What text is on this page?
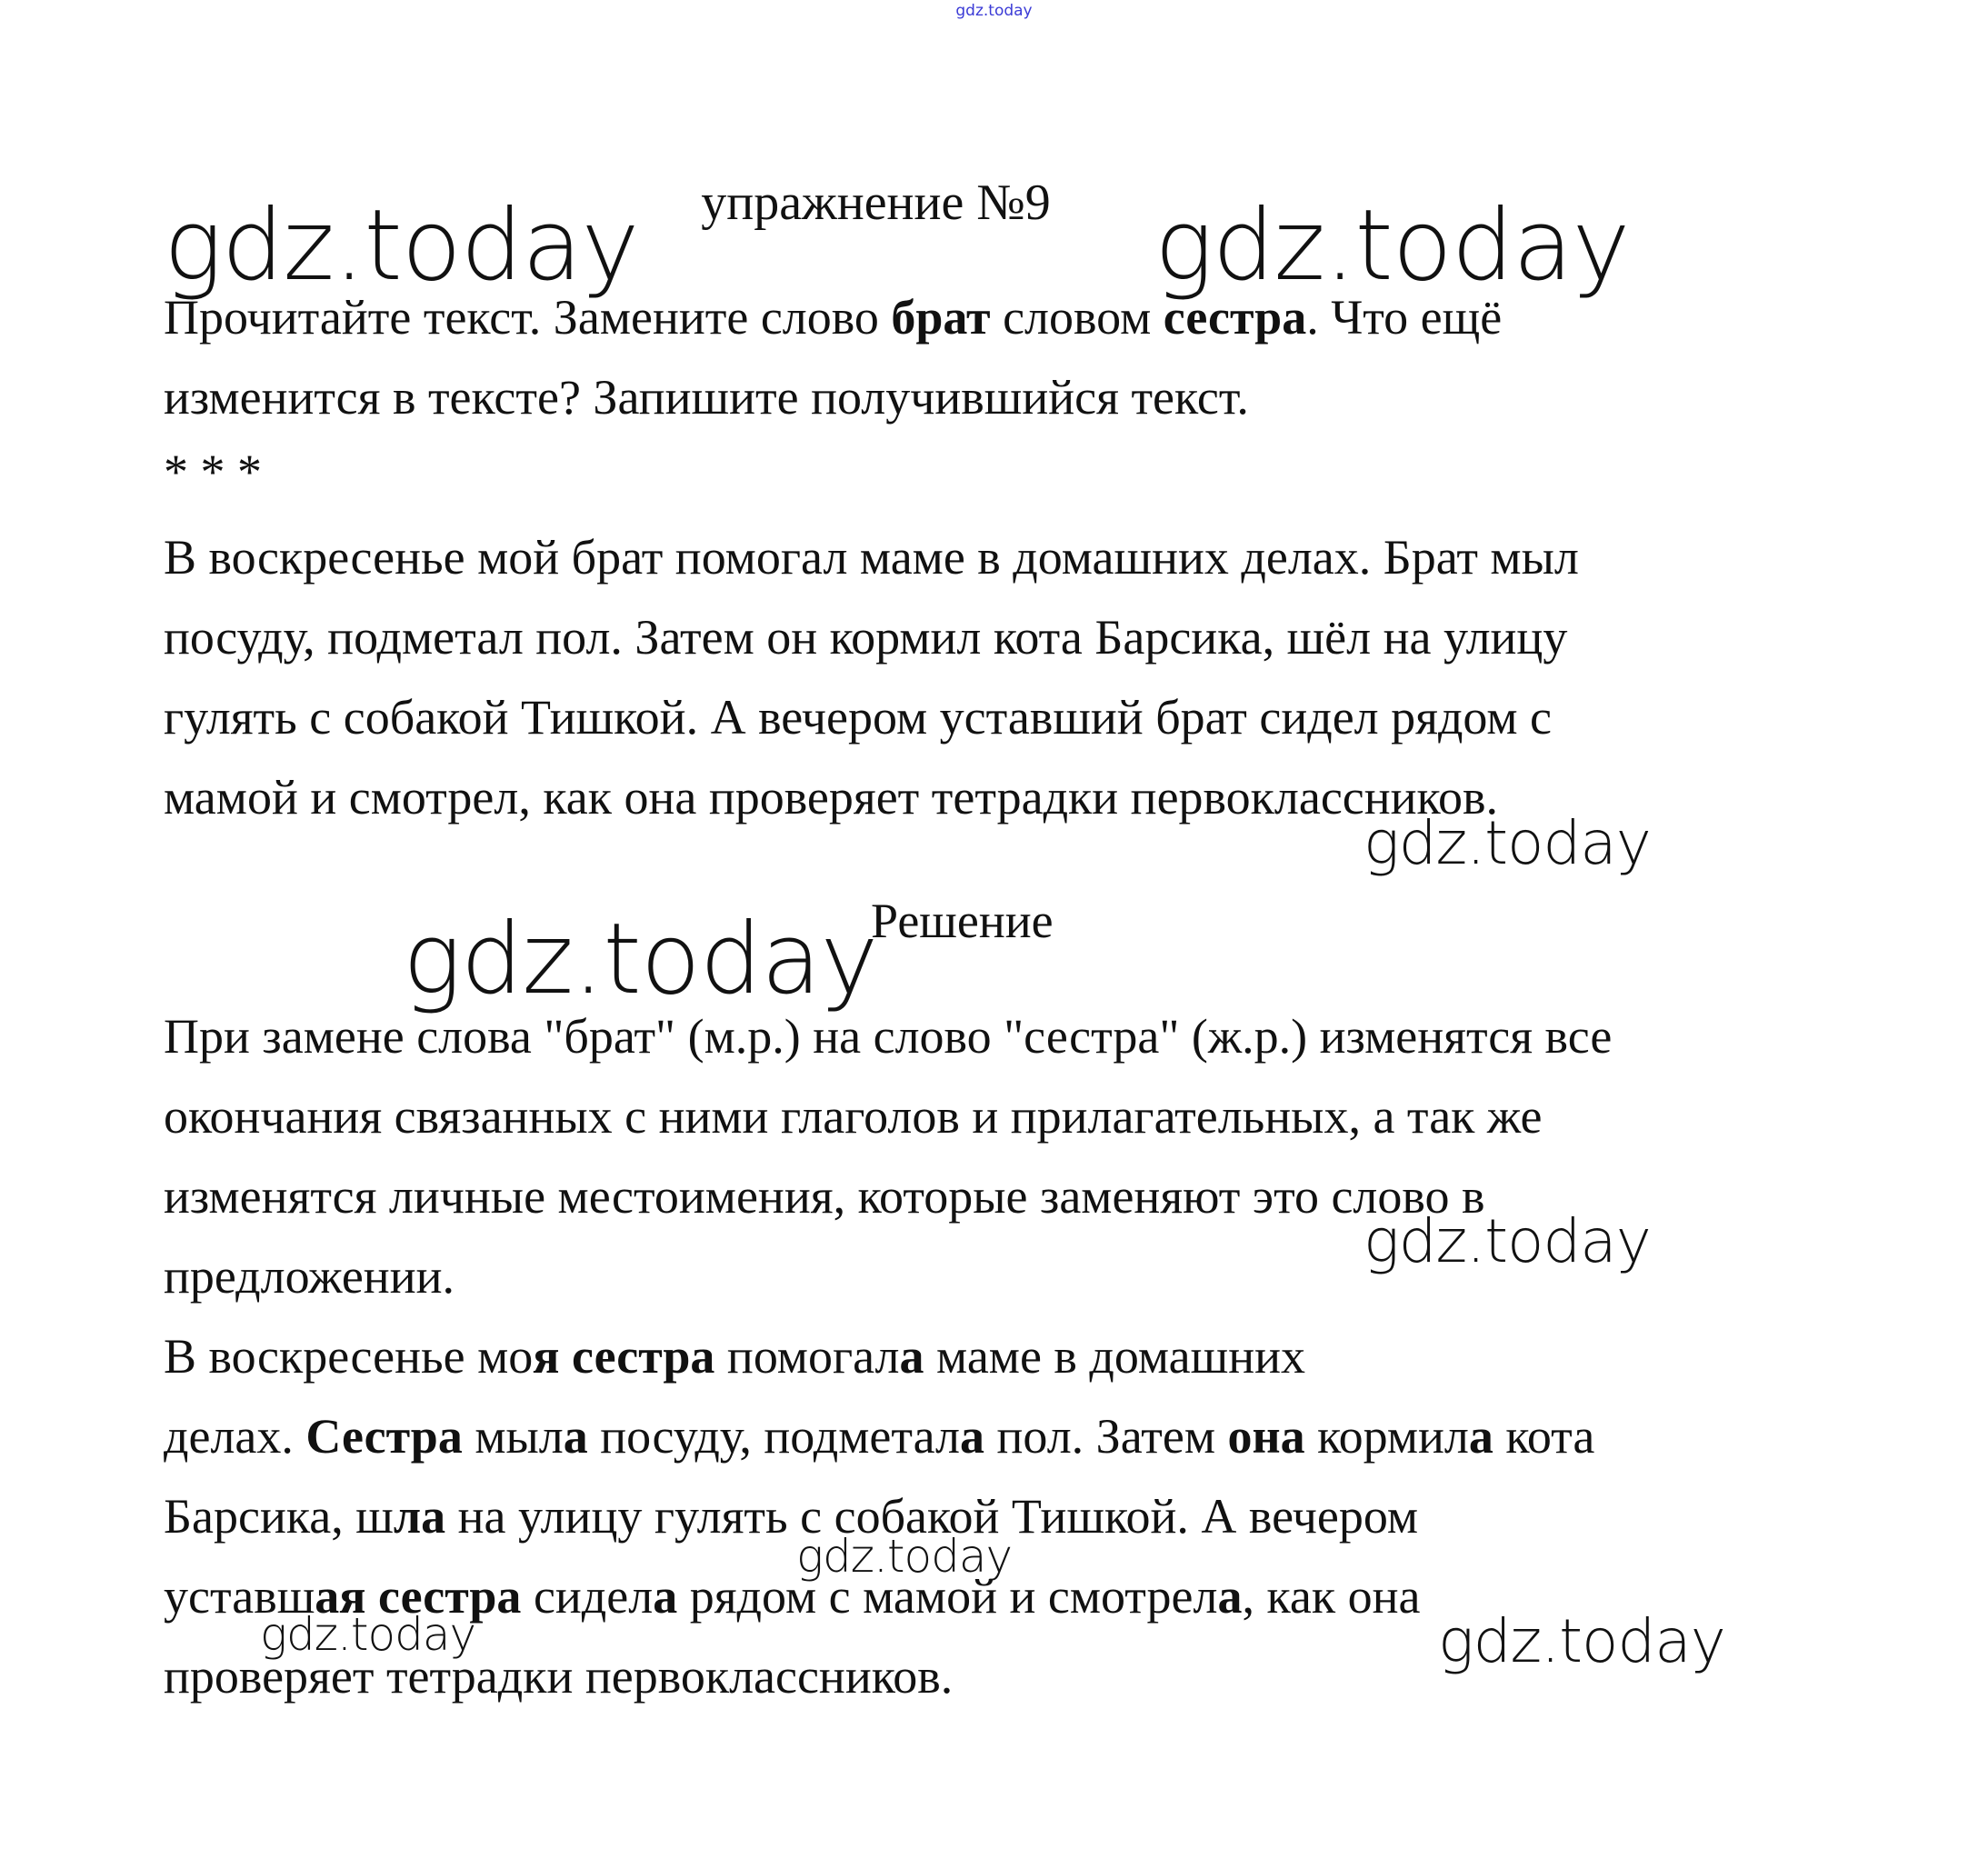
gdz.today
упражнение №9
Прочитайте текст. Замените слово брат словом сестра. Что ещё
изменится в тексте? Запишите получившийся текст.
* * *
В воскресенье мой брат помогал маме в домашних делах. Брат мыл
посуду, подметал пол. Затем он кормил кота Барсика, шёл на улицу
гулять с собакой Тишкой. А вечером уставший брат сидел рядом с
мамой и смотрел, как она проверяет тетрадки первоклассников.
Решение
При замене слова "брат" (м.р.) на слово "сестра" (ж.р.) изменятся все
окончания связанных с ними глаголов и прилагательных, а так же
изменятся личные местоимения, которые заменяют это слово в
предложении.
В воскресенье моя сестра помогала маме в домашних
делах. Сестра мыла посуду, подметала пол. Затем она кормила кота
Барсика, шла на улицу гулять с собакой Тишкой. А вечером
уставшая сестра сидела рядом с мамой и смотрела, как она
проверяет тетрадки первоклассников.
gdz.today	gdz.today
gdz.today
gdz.today
gdz.today
gdz.today
gdz.today	gdz.today
